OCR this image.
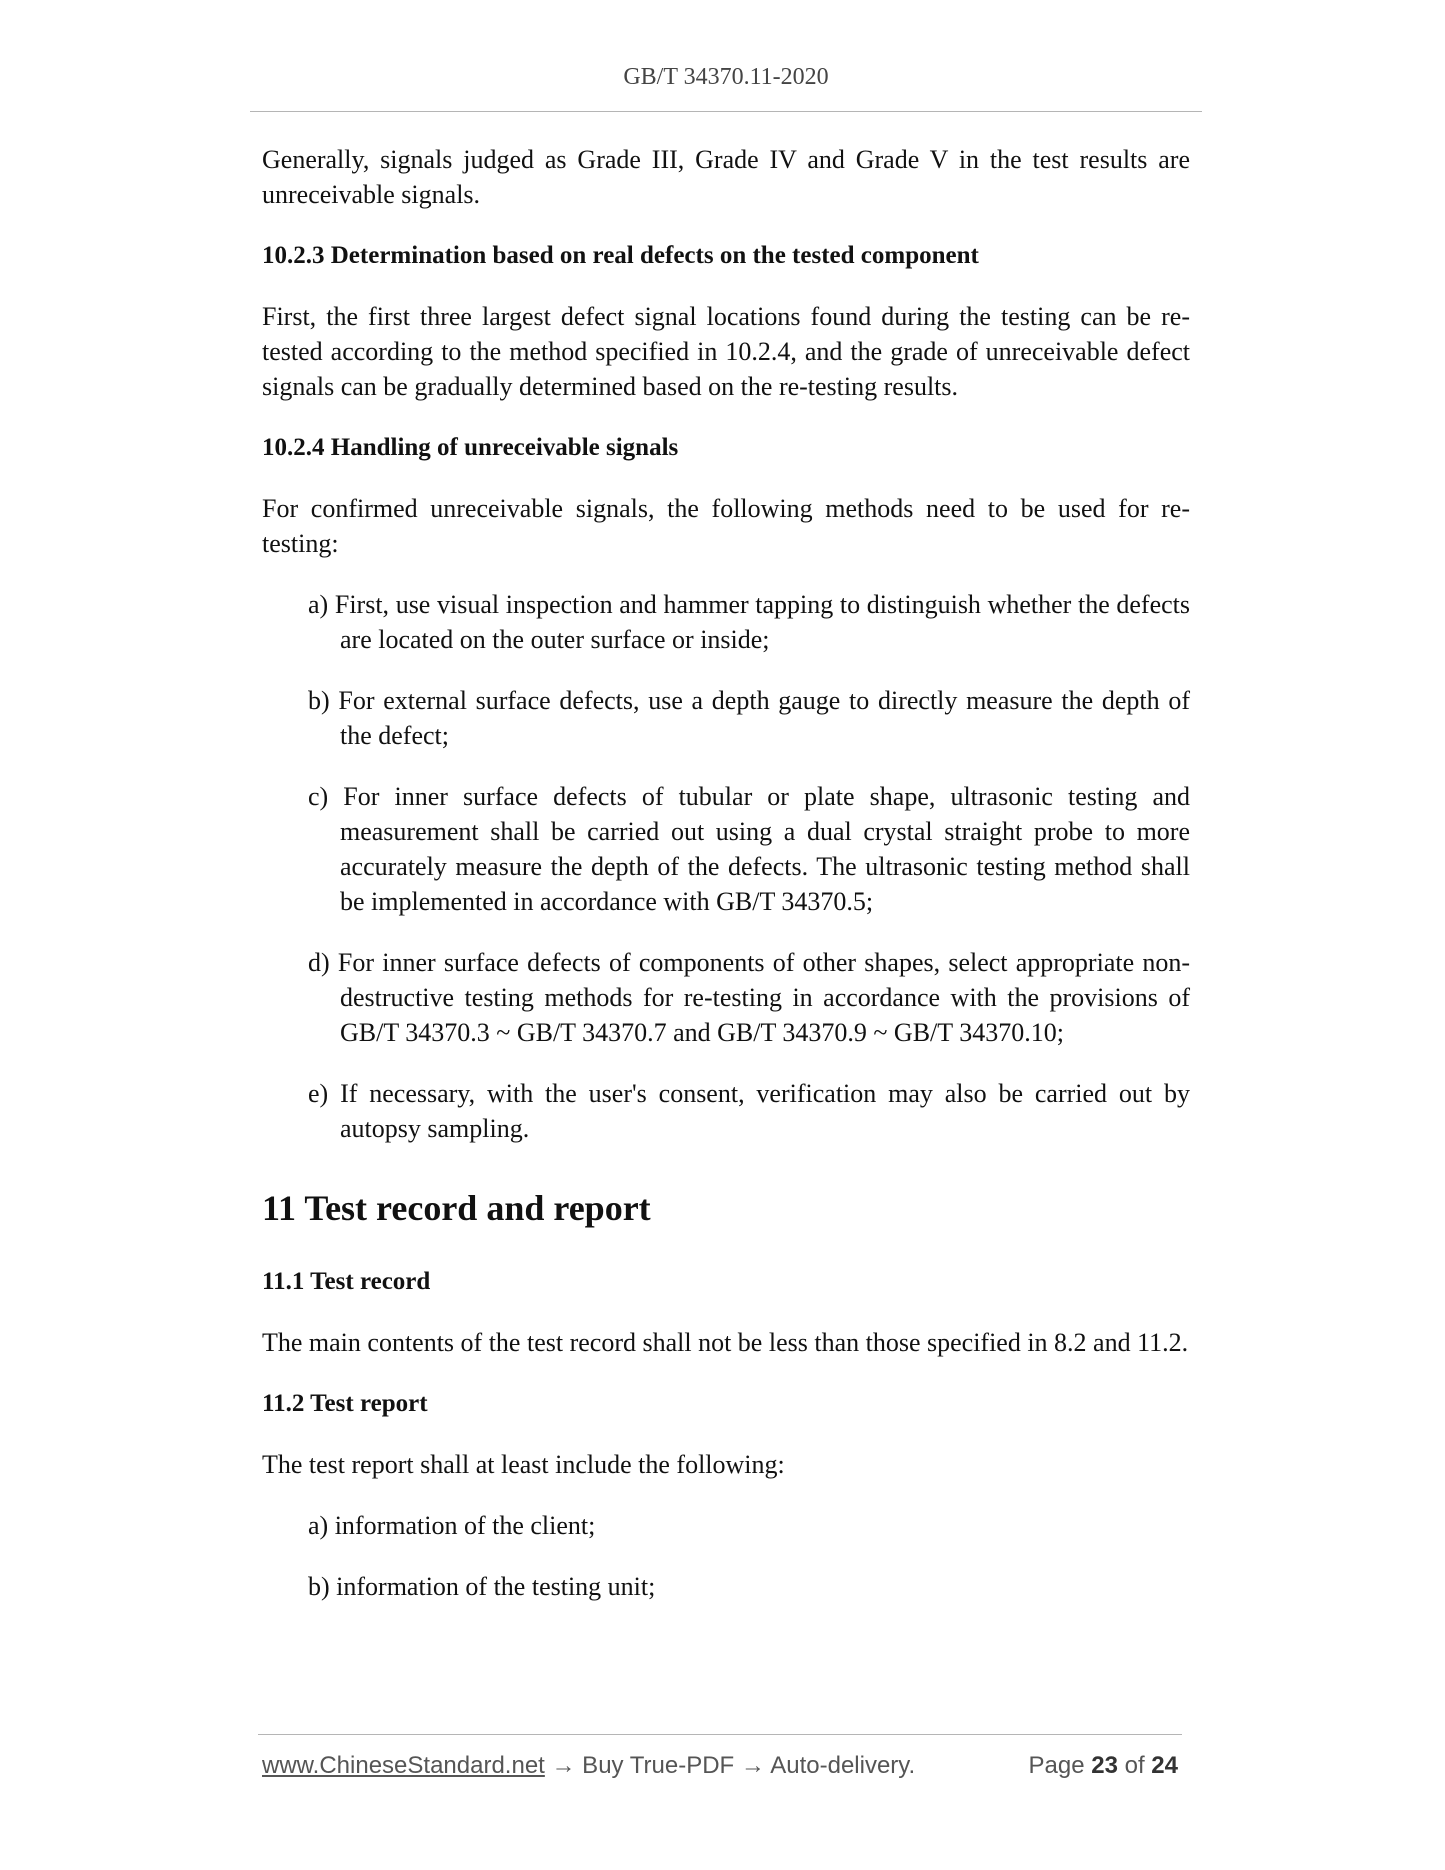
GB/T 34370.11-2020

Generally, signals judged as Grade III, Grade IV and Grade V in the test results are unreceivable signals.

10.2.3 Determination based on real defects on the tested component

First, the first three largest defect signal locations found during the testing can be re-tested according to the method specified in 10.2.4, and the grade of unreceivable defect signals can be gradually determined based on the re-testing results.

10.2.4 Handling of unreceivable signals

For confirmed unreceivable signals, the following methods need to be used for re-testing:

a) First, use visual inspection and hammer tapping to distinguish whether the defects are located on the outer surface or inside;
b) For external surface defects, use a depth gauge to directly measure the depth of the defect;
c) For inner surface defects of tubular or plate shape, ultrasonic testing and measurement shall be carried out using a dual crystal straight probe to more accurately measure the depth of the defects. The ultrasonic testing method shall be implemented in accordance with GB/T 34370.5;
d) For inner surface defects of components of other shapes, select appropriate non-destructive testing methods for re-testing in accordance with the provisions of GB/T 34370.3 ~ GB/T 34370.7 and GB/T 34370.9 ~ GB/T 34370.10;
e) If necessary, with the user's consent, verification may also be carried out by autopsy sampling.
11 Test record and report
11.1 Test record

The main contents of the test record shall not be less than those specified in 8.2 and 11.2.

11.2 Test report

The test report shall at least include the following:

a) information of the client;
b) information of the testing unit;
www.ChineseStandard.net → Buy True-PDF → Auto-delivery.	Page 23 of 24
